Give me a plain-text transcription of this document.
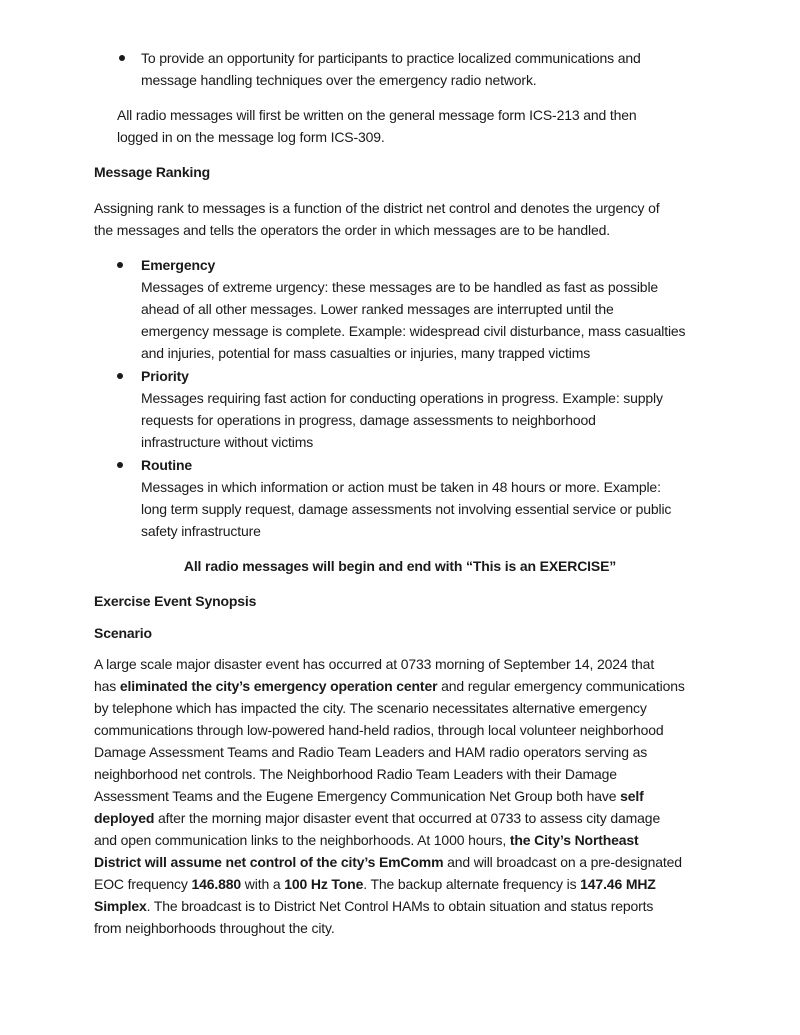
To provide an opportunity for participants to practice localized communications and
message handling techniques over the emergency radio network.
All radio messages will first be written on the general message form ICS-213 and then
logged in on the message log form ICS-309.
Message Ranking
Assigning rank to messages is a function of the district net control and denotes the urgency of
the messages and tells the operators the order in which messages are to be handled.
Emergency
Messages of extreme urgency: these messages are to be handled as fast as possible
ahead of all other messages. Lower ranked messages are interrupted until the
emergency message is complete. Example: widespread civil disturbance, mass casualties
and injuries, potential for mass casualties or injuries, many trapped victims
Priority
Messages requiring fast action for conducting operations in progress. Example: supply
requests for operations in progress, damage assessments to neighborhood
infrastructure without victims
Routine
Messages in which information or action must be taken in 48 hours or more. Example:
long term supply request, damage assessments not involving essential service or public
safety infrastructure
All radio messages will begin and end with “This is an EXERCISE”
Exercise Event Synopsis
Scenario
A large scale major disaster event has occurred at 0733 morning of September 14, 2024 that
has eliminated the city’s emergency operation center and regular emergency communications
by telephone which has impacted the city. The scenario necessitates alternative emergency
communications through low-powered hand-held radios, through local volunteer neighborhood
Damage Assessment Teams and Radio Team Leaders and HAM radio operators serving as
neighborhood net controls. The Neighborhood Radio Team Leaders with their Damage
Assessment Teams and the Eugene Emergency Communication Net Group both have self
deployed after the morning major disaster event that occurred at 0733 to assess city damage
and open communication links to the neighborhoods. At 1000 hours, the City’s Northeast
District will assume net control of the city’s EmComm and will broadcast on a pre-designated
EOC frequency 146.880 with a 100 Hz Tone. The backup alternate frequency is 147.46 MHZ
Simplex. The broadcast is to District Net Control HAMs to obtain situation and status reports
from neighborhoods throughout the city.
